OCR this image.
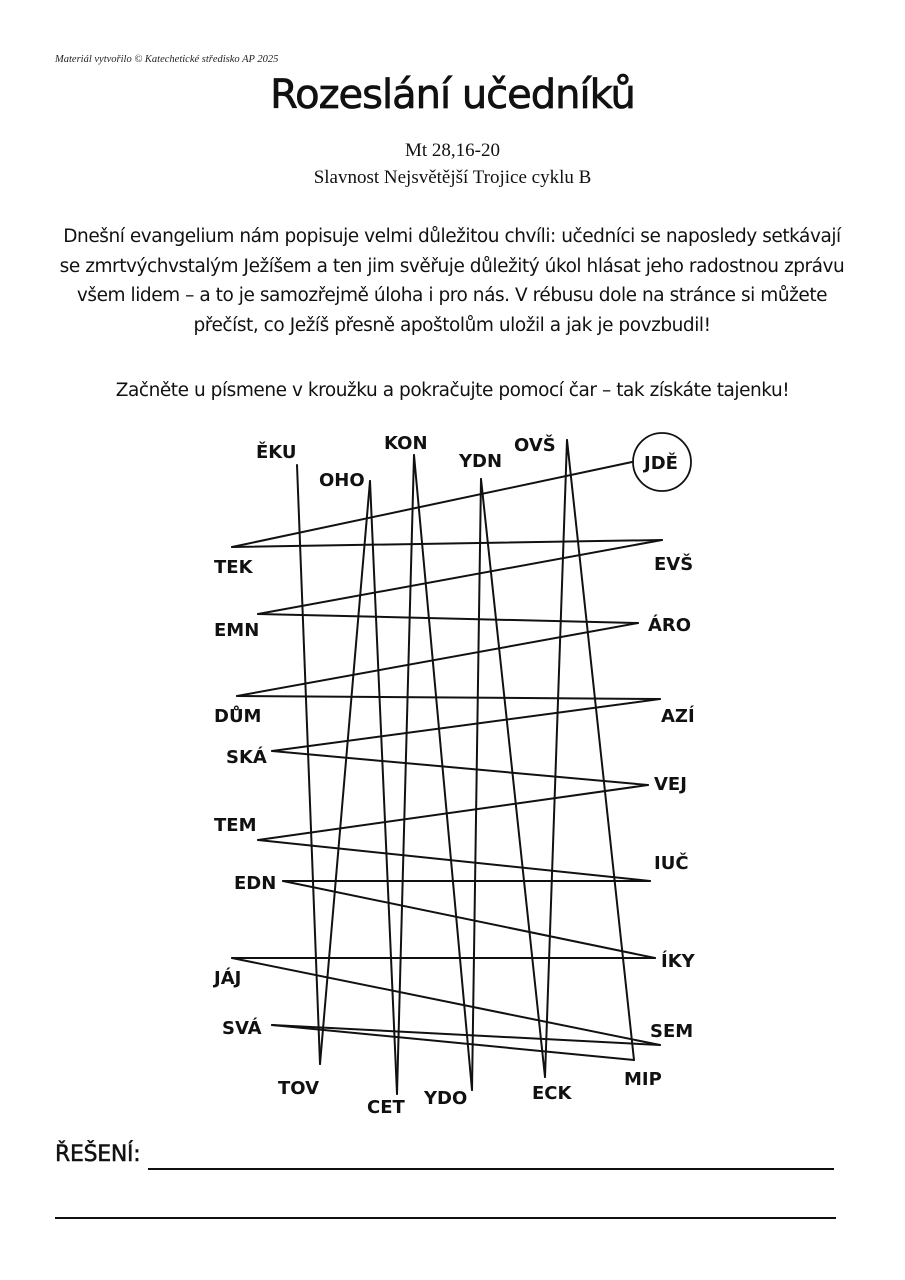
Materiál vytvořilo © Katechetické středisko AP 2025
Rozeslání učedníků
Mt 28,16-20
Slavnost Nejsvětější Trojice cyklu B

Dnešní evangelium nám popisuje velmi důležitou chvíli: učedníci se naposledy setkávají se zmrtvýchvstalým Ježíšem a ten jim svěřuje důležitý úkol hlásat jeho radostnou zprávu všem lidem – a to je samozřejmě úloha i pro nás. V rébusu dole na stránce si můžete přečíst, co Ježíš přesně apoštolům uložil a jak je povzbudil!

Začněte u písmene v kroužku a pokračujte pomocí čar – tak získáte tajenku!
JDĚ
ĚKU
OHO
KON
YDN
OVŠ
TEK	EVŠ
EMN	ÁRO
DŮM	AZÍ
SKÁ
VEJ
TEM
IUČ
EDN
ÍKY
JÁJ
SEM
SVÁ
MIP
TOV
CET YDO	ECK
ŘEŠENÍ:
